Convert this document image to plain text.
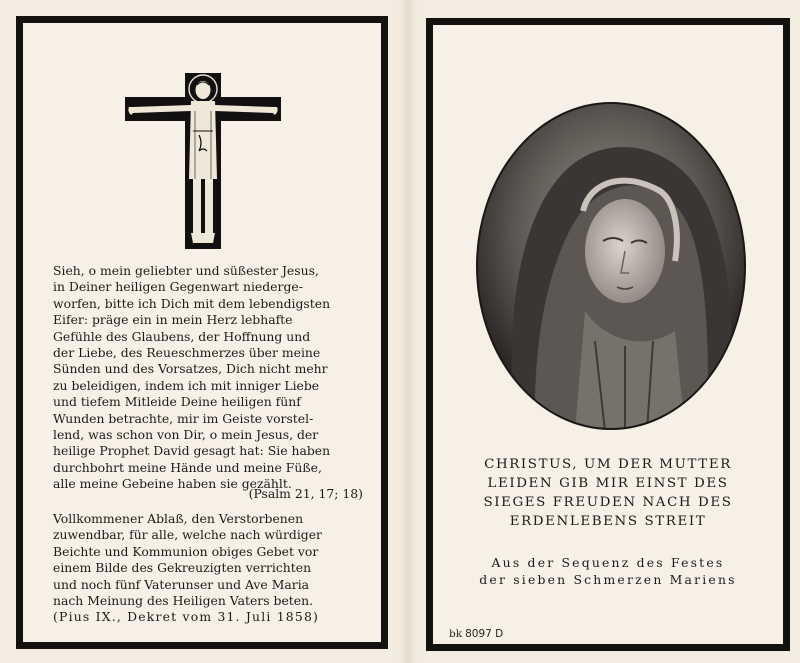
Sieh, o mein geliebter und süßester Jesus,
in Deiner heiligen Gegenwart niederge-
worfen, bitte ich Dich mit dem lebendigsten
Eifer: präge ein in mein Herz lebhafte
Gefühle des Glaubens, der Hoffnung und
der Liebe, des Reueschmerzes über meine
Sünden und des Vorsatzes, Dich nicht mehr
zu beleidigen, indem ich mit inniger Liebe
und tiefem Mitleide Deine heiligen fünf
Wunden betrachte, mir im Geiste vorstel-
lend, was schon von Dir, o mein Jesus, der
heilige Prophet David gesagt hat: Sie haben
durchbohrt meine Hände und meine Füße,
alle meine Gebeine haben sie gezählt.

(Psalm 21, 17; 18)

Vollkommener Ablaß, den Verstorbenen
zuwendbar, für alle, welche nach würdiger
Beichte und Kommunion obiges Gebet vor
einem Bilde des Gekreuzigten verrichten
und noch fünf Vaterunser und Ave Maria
nach Meinung des Heiligen Vaters beten.

(Pius IX., Dekret vom 31. Juli 1858)

CHRISTUS, UM DER MUTTER
LEIDEN GIB MIR EINST DES
SIEGES FREUDEN NACH DES
ERDENLEBENS STREIT
Aus der Sequenz des Festes
der sieben Schmerzen Mariens
bk 8097 D
